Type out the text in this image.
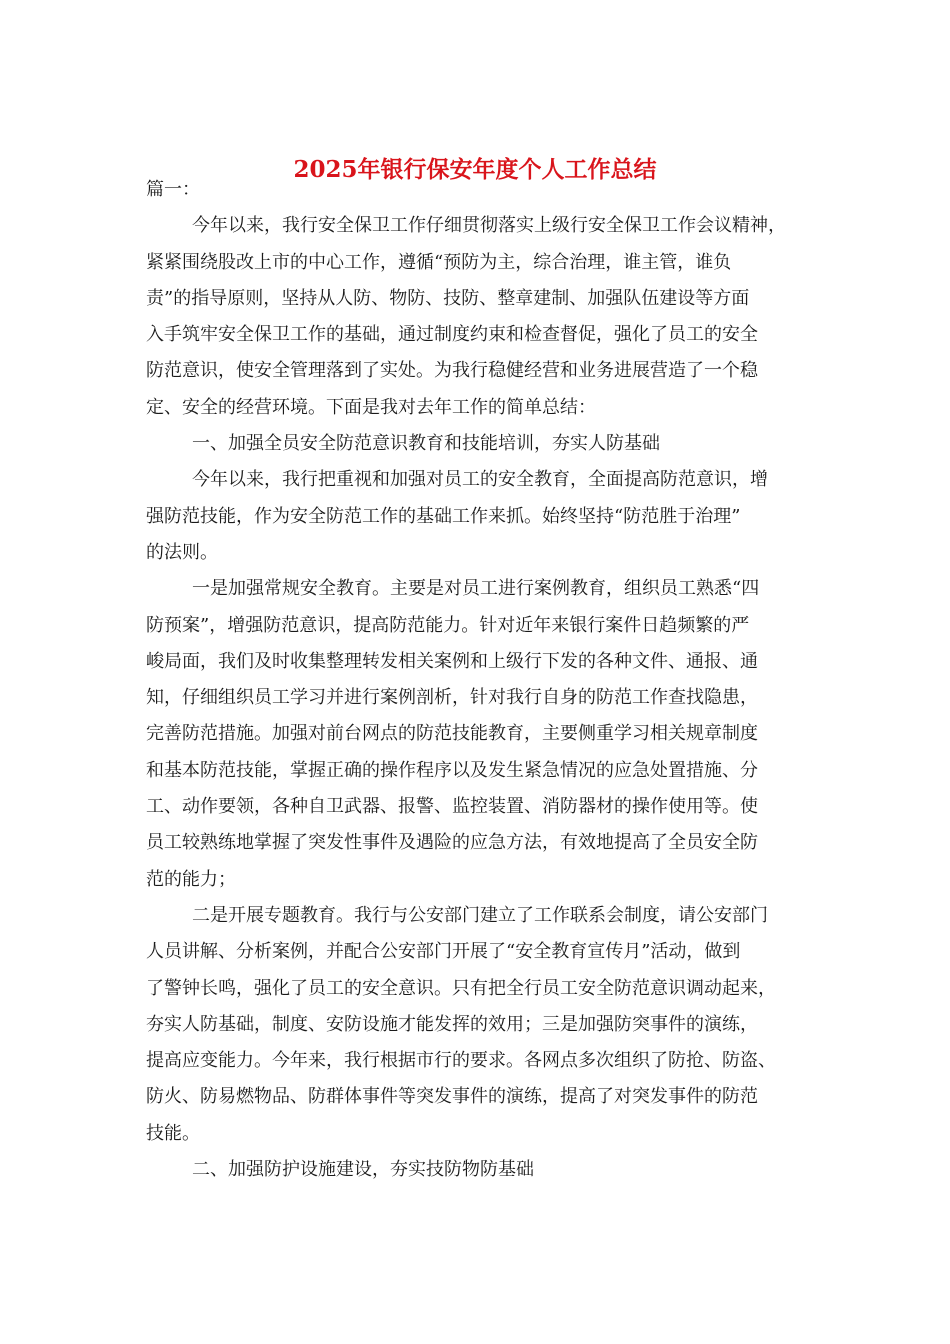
2025年银行保安年度个人工作总结
篇一：
今年以来，我行安全保卫工作仔细贯彻落实上级行安全保卫工作会议精神，
紧紧围绕股改上市的中心工作，遵循“预防为主，综合治理，谁主管，谁负
责”的指导原则，坚持从人防、物防、技防、整章建制、加强队伍建设等方面
入手筑牢安全保卫工作的基础，通过制度约束和检查督促，强化了员工的安全
防范意识，使安全管理落到了实处。为我行稳健经营和业务进展营造了一个稳
定、安全的经营环境。下面是我对去年工作的简单总结：
一、加强全员安全防范意识教育和技能培训，夯实人防基础
今年以来，我行把重视和加强对员工的安全教育，全面提高防范意识，增
强防范技能，作为安全防范工作的基础工作来抓。始终坚持“防范胜于治理”
的法则。
一是加强常规安全教育。主要是对员工进行案例教育，组织员工熟悉“四
防预案”，增强防范意识，提高防范能力。针对近年来银行案件日趋频繁的严
峻局面，我们及时收集整理转发相关案例和上级行下发的各种文件、通报、通
知，仔细组织员工学习并进行案例剖析，针对我行自身的防范工作查找隐患，
完善防范措施。加强对前台网点的防范技能教育，主要侧重学习相关规章制度
和基本防范技能，掌握正确的操作程序以及发生紧急情况的应急处置措施、分
工、动作要领，各种自卫武器、报警、监控装置、消防器材的操作使用等。使
员工较熟练地掌握了突发性事件及遇险的应急方法，有效地提高了全员安全防
范的能力；
二是开展专题教育。我行与公安部门建立了工作联系会制度，请公安部门
人员讲解、分析案例，并配合公安部门开展了“安全教育宣传月”活动，做到
了警钟长鸣，强化了员工的安全意识。只有把全行员工安全防范意识调动起来，
夯实人防基础，制度、安防设施才能发挥的效用；三是加强防突事件的演练，
提高应变能力。今年来，我行根据市行的要求。各网点多次组织了防抢、防盗、
防火、防易燃物品、防群体事件等突发事件的演练，提高了对突发事件的防范
技能。
二、加强防护设施建设，夯实技防物防基础
